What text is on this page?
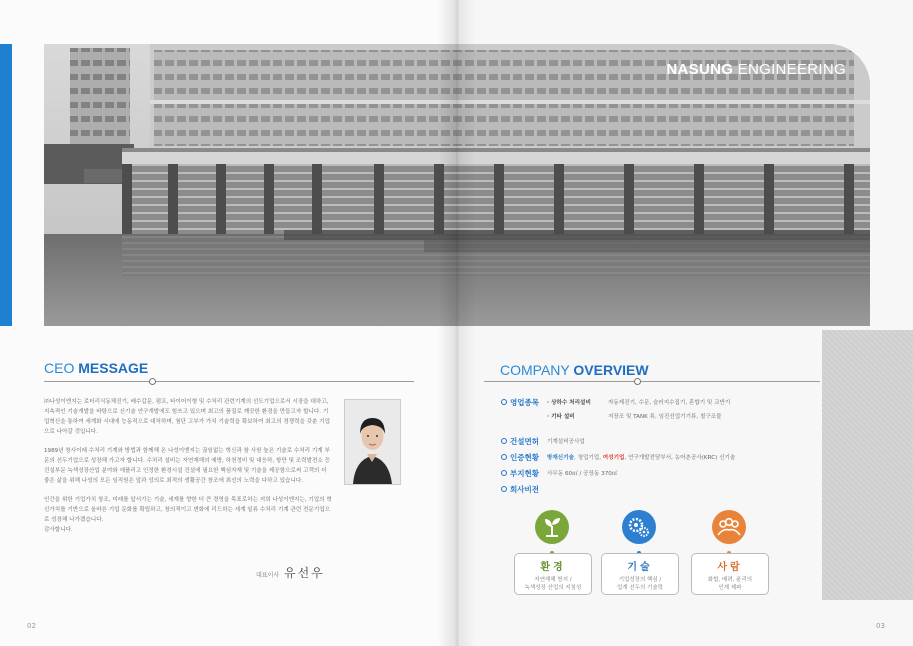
NASUNG ENGINEERING
CEO MESSAGE

㈜나성이엔지는 로터리식동체진기, 배수갑문, 펌프, 타이어이형 및 수처리 관련기계의 선도기업으로서 시장을 대하고, 지속적인 기술개발을 바탕으로 신기술 연구개발에도 힘쓰고 있으며 최고의 품질로 깨끗한 환경을 만들고자 합니다. 기업혁신을 통하여 세계화 시대에 능동적으로 대처하며, 첨단 고부가 가치 기술력을 확보하여 최고의 경쟁력을 갖춘 기업으로 나아갈 것입니다.

1989년 창사이래 수처리 기계와 방법과 함께해 온 나성이엔지는 끊임없는 혁신과 참 사원 높은 기술로 수처리 기계 부문의 선두기업으로 성장해 가고자 합니다. 수처리 설비는 자연재해의 예방, 하천정비 및 대응하, 항만 및 조력발전소 등 건설부문 녹색성장산업 분야와 애플리고 인정한 환경시설 건설에 필요한 핵심자재 및 기술을 제공함으로써 고객의 더 좋은 삶을 위해 나성의 모든 임직원은 앞과 성의로 최적의 생활공간 창조에 최선의 노력을 다하고 있습니다.

인간을 위한 기업가치 창조, 미래를 앞서가는 기술, 세계를 향한 더 큰 경영을 목표로하는 저희 나성이엔지는, 기업의 혁신가치를 기반으로 올바른 기업 문화를 확립하고, 창의적이고 변화에 리드하는 세계 일류 수처리 기계 관련 전문기업으로 성장해 나가겠습니다.

감사합니다.

대표이사 유선우
02
COMPANY OVERVIEW
영업종목
·	상하수 처리설비	자동제진기, 수문, 슬러지수집기, 혼합기 및 교반기
· 기타 설비	저장조 및 TANK 류, 임진선업기기류, 철구조물
건설면허 기계설비공사업
인증현황 방재신기술, 청업기업, 여성기업, 연구개발전담부서, 농어촌공사(KRC) 신기술
부지현황 사무동 60㎡ / 공장동 370㎡
회사비전
환경
자연재해 방지 /
녹색성장 산업의 지침성
기술
기업성장의 핵심 /
업계 선두의 기술력
사람
화합, 배려, 윤리의
인재 제파
03
